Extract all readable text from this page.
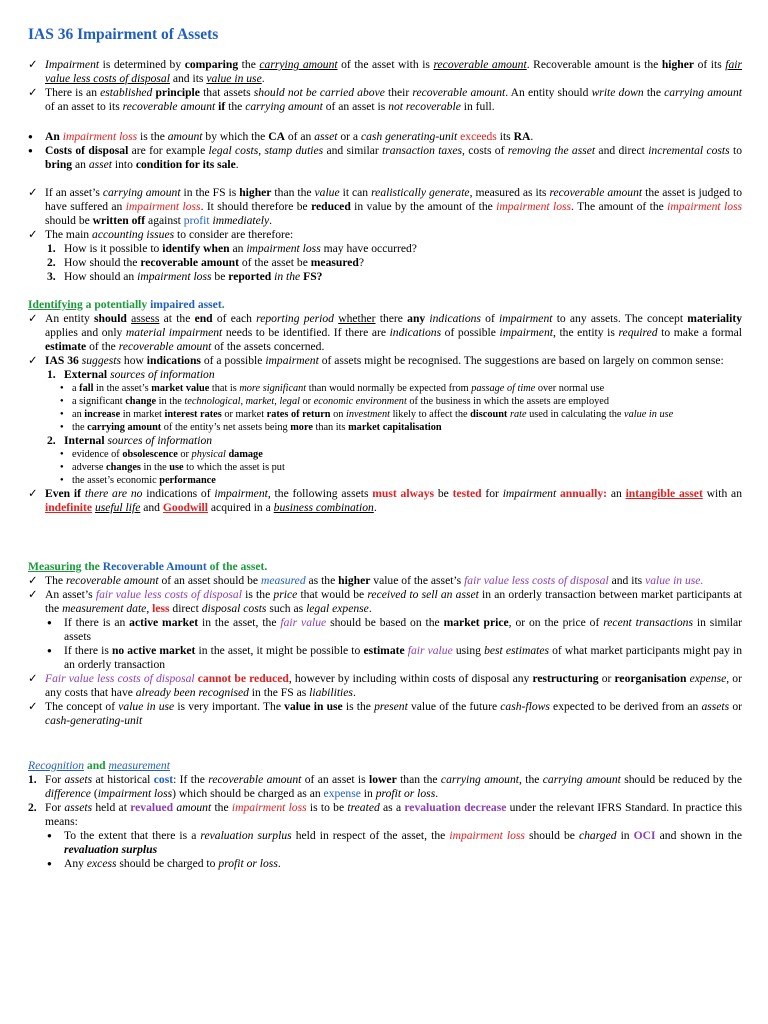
IAS 36 Impairment of Assets
✓ Impairment is determined by comparing the carrying amount of the asset with is recoverable amount. Recoverable amount is the higher of its fair value less costs of disposal and its value in use.
✓ There is an established principle that assets should not be carried above their recoverable amount. An entity should write down the carrying amount of an asset to its recoverable amount if the carrying amount of an asset is not recoverable in full.
●	An impairment loss is the amount by which the CA of an asset or a cash generating-unit exceeds its RA.
●	Costs of disposal are for example legal costs, stamp duties and similar transaction taxes, costs of removing the asset and direct incremental costs to bring an asset into condition for its sale.
✓ If an asset’s carrying amount in the FS is higher than the value it can realistically generate, measured as its recoverable amount the asset is judged to have suffered an impairment loss. It should therefore be reduced in value by the amount of the impairment loss. The amount of the impairment loss should be written off against profit immediately.
✓ The main accounting issues to consider are therefore:
1. How is it possible to identify when an impairment loss may have occurred?
2. How should the recoverable amount of the asset be measured?
3. How should an impairment loss be reported in the FS?
Identifying a potentially impaired asset.
✓ An entity should assess at the end of each reporting period whether there any indications of impairment to any assets. The concept materiality applies and only material impairment needs to be identified. If there are indications of possible impairment, the entity is required to make a formal estimate of the recoverable amount of the assets concerned.
✓ IAS 36 suggests how indications of a possible impairment of assets might be recognised. The suggestions are based on largely on common sense:
1. External sources of information
● a fall in the asset’s market value that is more significant than would normally be expected from passage of time over normal use
● a significant change in the technological, market, legal or economic environment of the business in which the assets are employed
● an increase in market interest rates or market rates of return on investment likely to affect the discount rate used in calculating the value in use
● the carrying amount of the entity’s net assets being more than its market capitalisation
2. Internal sources of information
● evidence of obsolescence or physical damage
● adverse changes in the use to which the asset is put
● the asset’s economic performance
✓ Even if there are no indications of impairment, the following assets must always be tested for impairment annually: an intangible asset with an indefinite useful life and Goodwill acquired in a business combination.
Measuring the Recoverable Amount of the asset.
✓ The recoverable amount of an asset should be measured as the higher value of the asset’s fair value less costs of disposal and its value in use.
✓ An asset’s fair value less costs of disposal is the price that would be received to sell an asset in an orderly transaction between market participants at the measurement date, less direct disposal costs such as legal expense.
●	If there is an active market in the asset, the fair value should be based on the market price, or on the price of recent transactions in similar assets
●	If there is no active market in the asset, it might be possible to estimate fair value using best estimates of what market participants might pay in an orderly transaction
✓ Fair value less costs of disposal cannot be reduced, however by including within costs of disposal any restructuring or reorganisation expense, or any costs that have already been recognised in the FS as liabilities.
✓ The concept of value in use is very important. The value in use is the present value of the future cash-flows expected to be derived from an assets or cash-generating-unit
Recognition and measurement
1. For assets at historical cost: If the recoverable amount of an asset is lower than the carrying amount, the carrying amount should be reduced by the difference (impairment loss) which should be charged as an expense in profit or loss.
2. For assets held at revalued amount the impairment loss is to be treated as a revaluation decrease under the relevant IFRS Standard. In practice this means:
●	To the extent that there is a revaluation surplus held in respect of the asset, the impairment loss should be charged in OCI and shown in the revaluation surplus
●	Any excess should be charged to profit or loss.
